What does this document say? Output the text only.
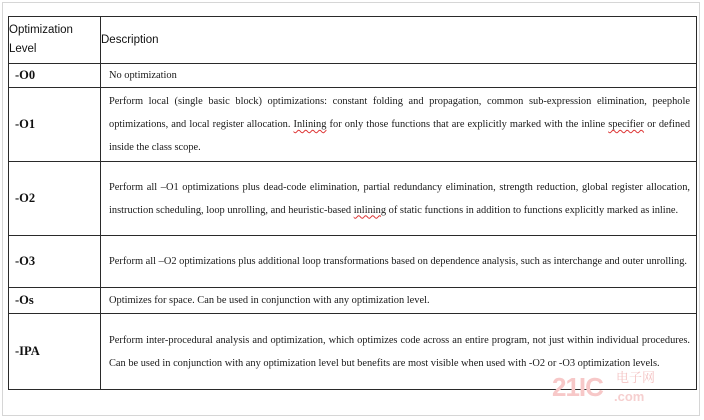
Optimization
Level	Description
-O0	No optimization
-O1	Perform local (single basic block) optimizations: constant folding and propagation, common sub-expression elimination, peephole optimizations, and local register allocation. Inlining for only those functions that are explicitly marked with the inline specifier or defined inside the class scope.
-O2	Perform all –O1 optimizations plus dead-code elimination, partial redundancy elimination, strength reduction, global register allocation, instruction scheduling, loop unrolling, and heuristic-based inlining of static functions in addition to functions explicitly marked as inline.
-O3	Perform all –O2 optimizations plus additional loop transformations based on dependence analysis, such as interchange and outer unrolling.
-Os	Optimizes for space. Can be used in conjunction with any optimization level.
-IPA	Perform inter-procedural analysis and optimization, which optimizes code across an entire program, not just within individual procedures. Can be used in conjunction with any optimization level but benefits are most visible when used with -O2 or -O3 optimization levels.
21IC 电子网
.com
